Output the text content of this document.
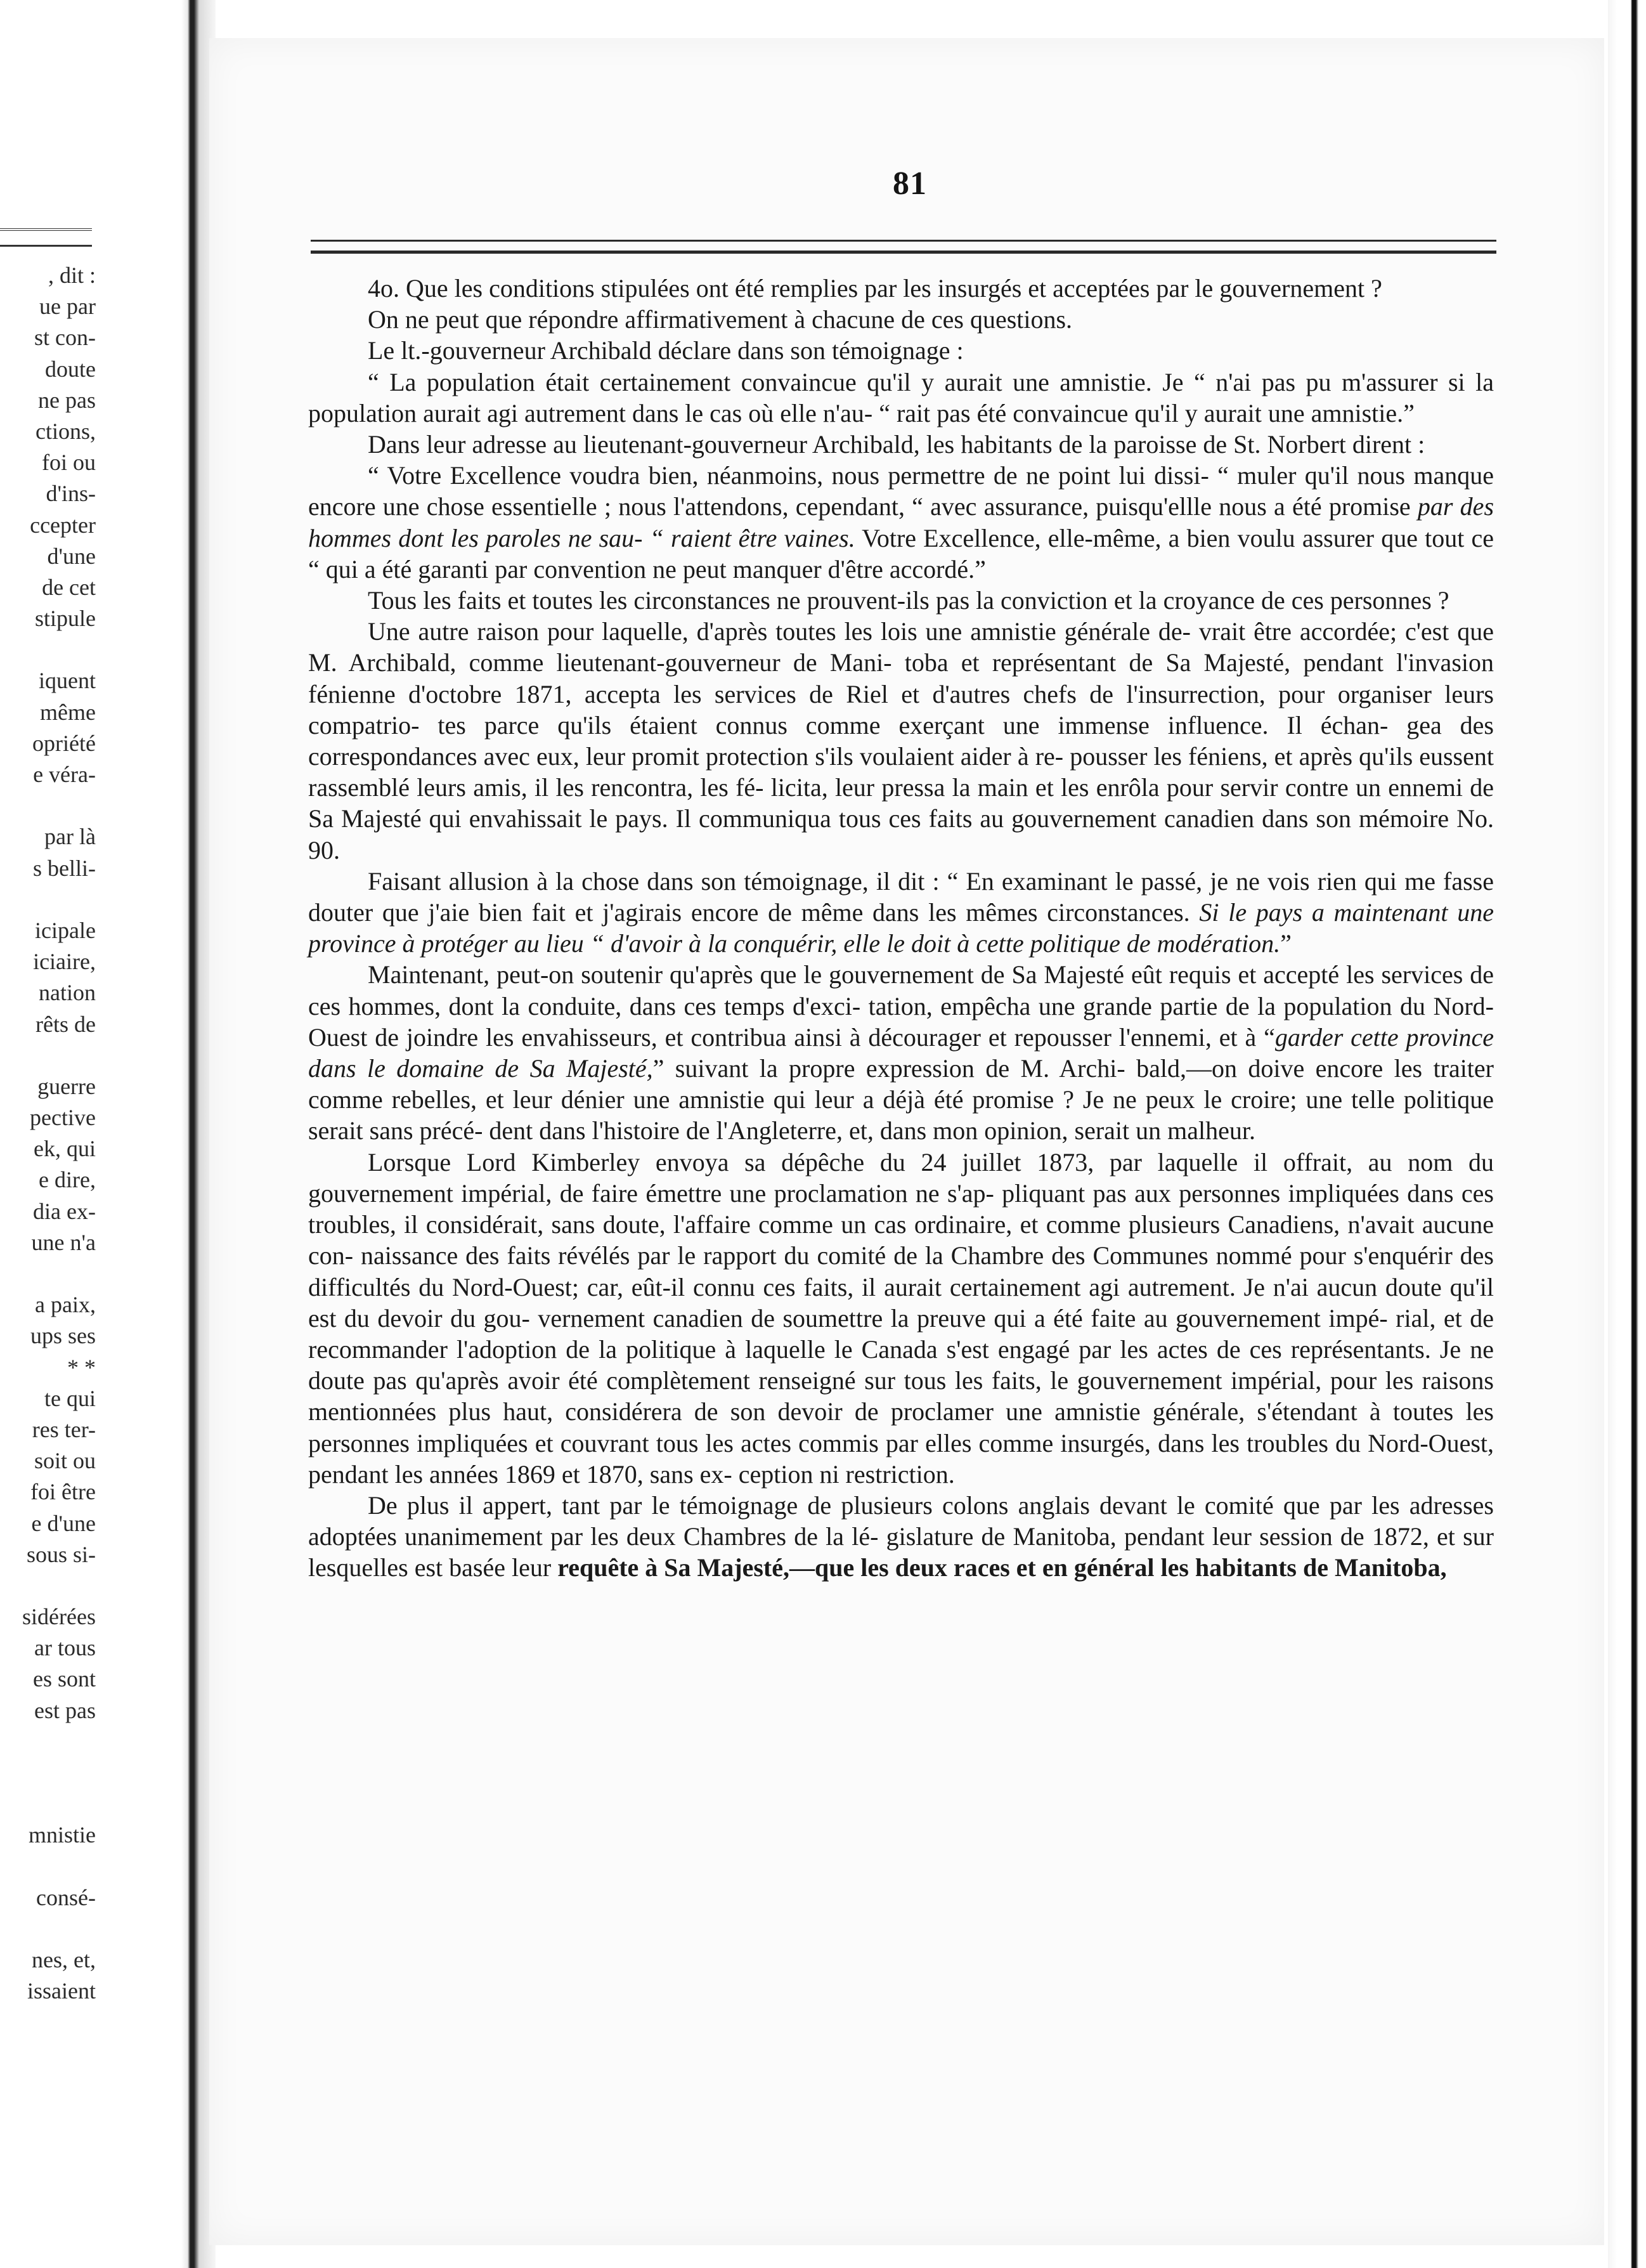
, dit :
ue par
st con-
doute
ne pas
ctions,
foi ou
d'ins-
ccepter
d'une
de cet
stipule
iquent
même
opriété
e véra-
par là
s belli-
icipale
iciaire,
nation
rêts de
guerre
pective
ek, qui
e dire,
dia ex-
une n'a
a paix,
ups ses
* *
te qui
res ter-
soit ou
foi être
e d'une
sous si-
sidérées
ar tous
es sont
est pas
mnistie
consé-
nes, et,
issaient
81

4o. Que les conditions stipulées ont été remplies par les insurgés et acceptées par le gouvernement ?

On ne peut que répondre affirmativement à chacune de ces questions.

Le lt.-gouverneur Archibald déclare dans son témoignage :

“ La population était certainement convaincue qu'il y aurait une amnistie. Je “ n'ai pas pu m'assurer si la population aurait agi autrement dans le cas où elle n'au- “ rait pas été convaincue qu'il y aurait une amnistie.”

Dans leur adresse au lieutenant-gouverneur Archibald, les habitants de la paroisse de St. Norbert dirent :

“ Votre Excellence voudra bien, néanmoins, nous permettre de ne point lui dissi- “ muler qu'il nous manque encore une chose essentielle ; nous l'attendons, cependant, “ avec assurance, puisqu'ellle nous a été promise par des hommes dont les paroles ne sau- “ raient être vaines. Votre Excellence, elle-même, a bien voulu assurer que tout ce “ qui a été garanti par convention ne peut manquer d'être accordé.”

Tous les faits et toutes les circonstances ne prouvent-ils pas la conviction et la croyance de ces personnes ?

Une autre raison pour laquelle, d'après toutes les lois une amnistie générale de- vrait être accordée; c'est que M. Archibald, comme lieutenant-gouverneur de Mani- toba et représentant de Sa Majesté, pendant l'invasion fénienne d'octobre 1871, accepta les services de Riel et d'autres chefs de l'insurrection, pour organiser leurs compatrio- tes parce qu'ils étaient connus comme exerçant une immense influence. Il échan- gea des correspondances avec eux, leur promit protection s'ils voulaient aider à re- pousser les féniens, et après qu'ils eussent rassemblé leurs amis, il les rencontra, les fé- licita, leur pressa la main et les enrôla pour servir contre un ennemi de Sa Majesté qui envahissait le pays. Il communiqua tous ces faits au gouvernement canadien dans son mémoire No. 90.

Faisant allusion à la chose dans son témoignage, il dit : “ En examinant le passé, je ne vois rien qui me fasse douter que j'aie bien fait et j'agirais encore de même dans les mêmes circonstances. Si le pays a maintenant une province à protéger au lieu “ d'avoir à la conquérir, elle le doit à cette politique de modération.”

Maintenant, peut-on soutenir qu'après que le gouvernement de Sa Majesté eût requis et accepté les services de ces hommes, dont la conduite, dans ces temps d'exci- tation, empêcha une grande partie de la population du Nord-Ouest de joindre les envahisseurs, et contribua ainsi à décourager et repousser l'ennemi, et à “garder cette province dans le domaine de Sa Majesté,” suivant la propre expression de M. Archi- bald,—on doive encore les traiter comme rebelles, et leur dénier une amnistie qui leur a déjà été promise ? Je ne peux le croire; une telle politique serait sans précé- dent dans l'histoire de l'Angleterre, et, dans mon opinion, serait un malheur.

Lorsque Lord Kimberley envoya sa dépêche du 24 juillet 1873, par laquelle il offrait, au nom du gouvernement impérial, de faire émettre une proclamation ne s'ap- pliquant pas aux personnes impliquées dans ces troubles, il considérait, sans doute, l'affaire comme un cas ordinaire, et comme plusieurs Canadiens, n'avait aucune con- naissance des faits révélés par le rapport du comité de la Chambre des Communes nommé pour s'enquérir des difficultés du Nord-Ouest; car, eût-il connu ces faits, il aurait certainement agi autrement. Je n'ai aucun doute qu'il est du devoir du gou- vernement canadien de soumettre la preuve qui a été faite au gouvernement impé- rial, et de recommander l'adoption de la politique à laquelle le Canada s'est engagé par les actes de ces représentants. Je ne doute pas qu'après avoir été complètement renseigné sur tous les faits, le gouvernement impérial, pour les raisons mentionnées plus haut, considérera de son devoir de proclamer une amnistie générale, s'étendant à toutes les personnes impliquées et couvrant tous les actes commis par elles comme insurgés, dans les troubles du Nord-Ouest, pendant les années 1869 et 1870, sans ex- ception ni restriction.

De plus il appert, tant par le témoignage de plusieurs colons anglais devant le comité que par les adresses adoptées unanimement par les deux Chambres de la lé- gislature de Manitoba, pendant leur session de 1872, et sur lesquelles est basée leur requête à Sa Majesté,—que les deux races et en général les habitants de Manitoba,
